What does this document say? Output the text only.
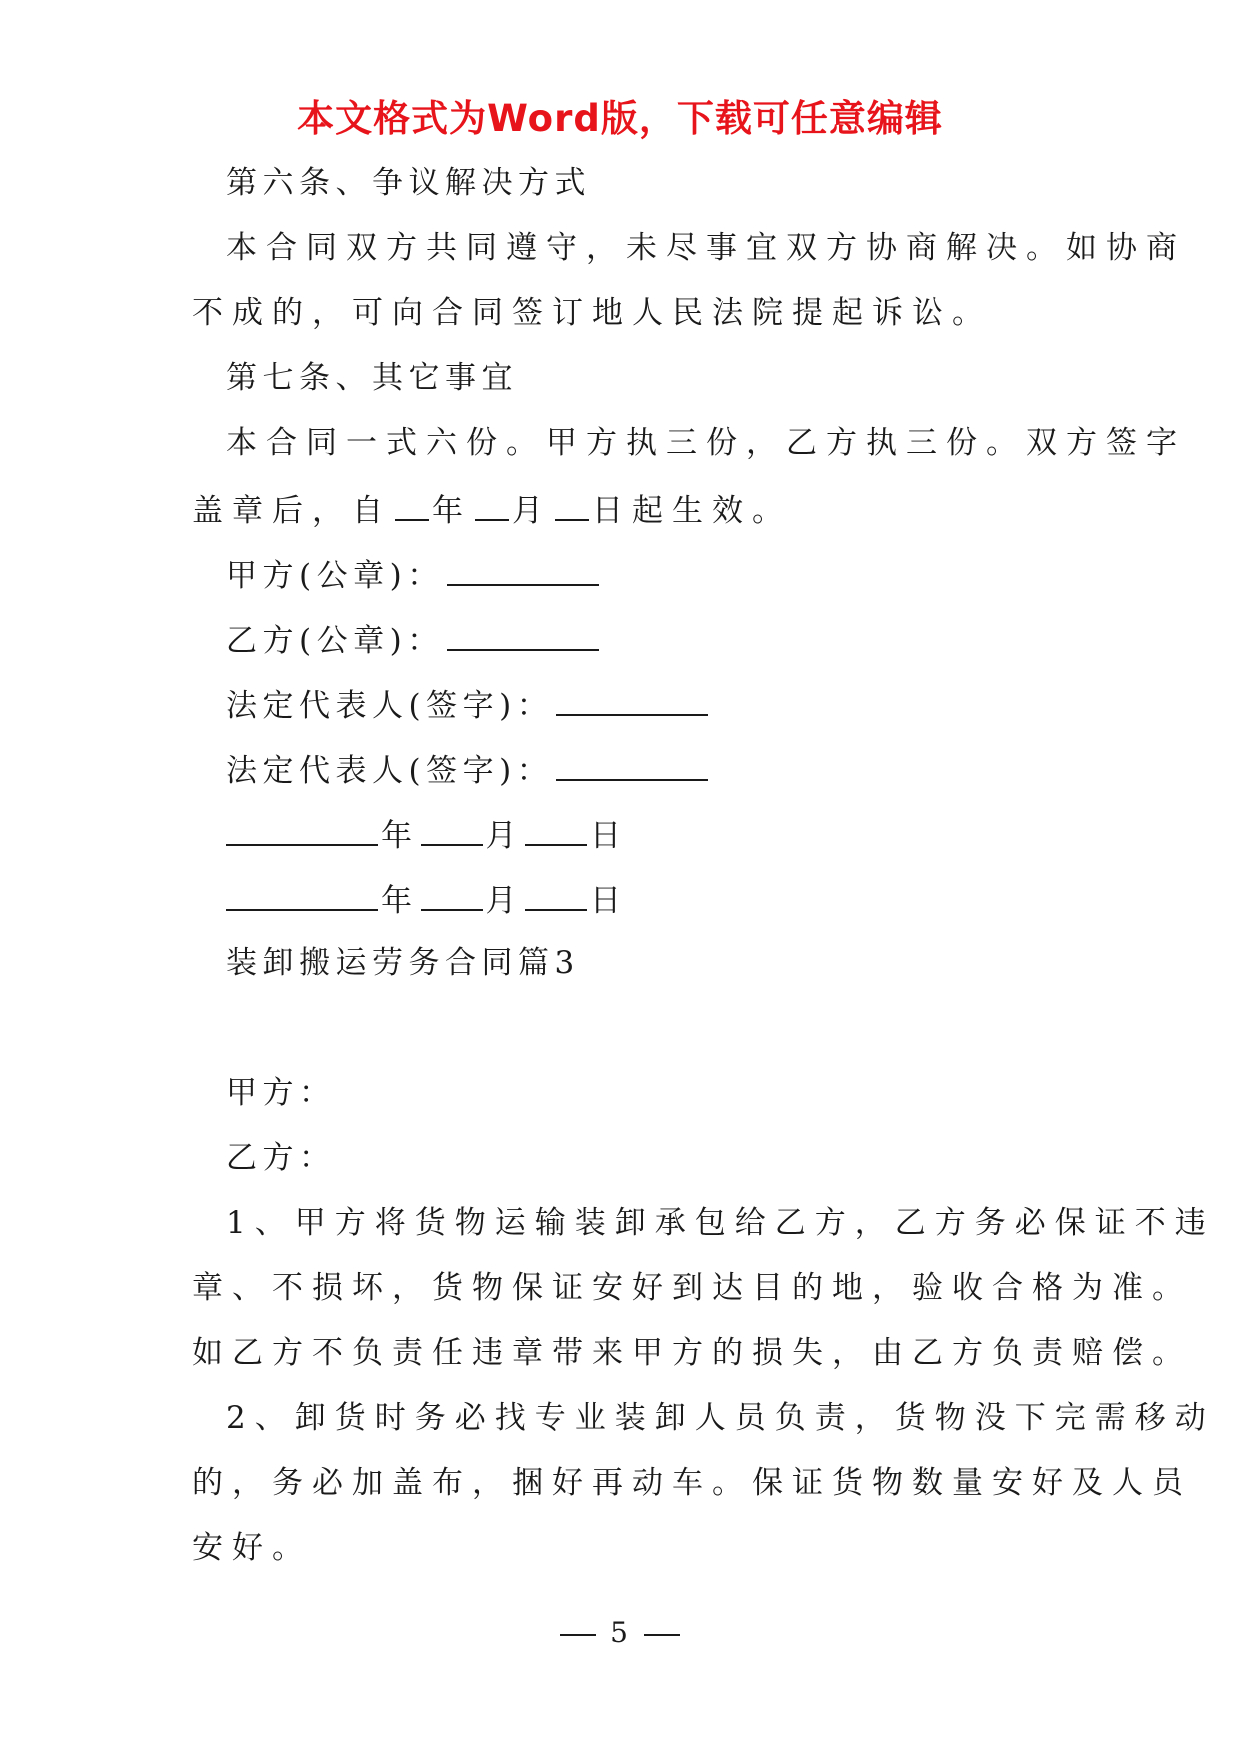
本文格式为Word版，下载可任意编辑
第六条、争议解决方式
本合同双方共同遵守，未尽事宜双方协商解决。如协商
不成的，可向合同签订地人民法院提起诉讼。
第七条、其它事宜
本合同一式六份。甲方执三份，乙方执三份。双方签字
盖章后，自 年 月 日起生效。
甲方(公章)：
乙方(公章)：
法定代表人(签字)：
法定代表人(签字)：
年 月 日
年 月 日
装卸搬运劳务合同篇3
甲方：
乙方：
1、甲方将货物运输装卸承包给乙方，乙方务必保证不违
章、不损坏，货物保证安好到达目的地，验收合格为准。
如乙方不负责任违章带来甲方的损失，由乙方负责赔偿。
2、卸货时务必找专业装卸人员负责，货物没下完需移动
的，务必加盖布，捆好再动车。保证货物数量安好及人员
安好。
5
